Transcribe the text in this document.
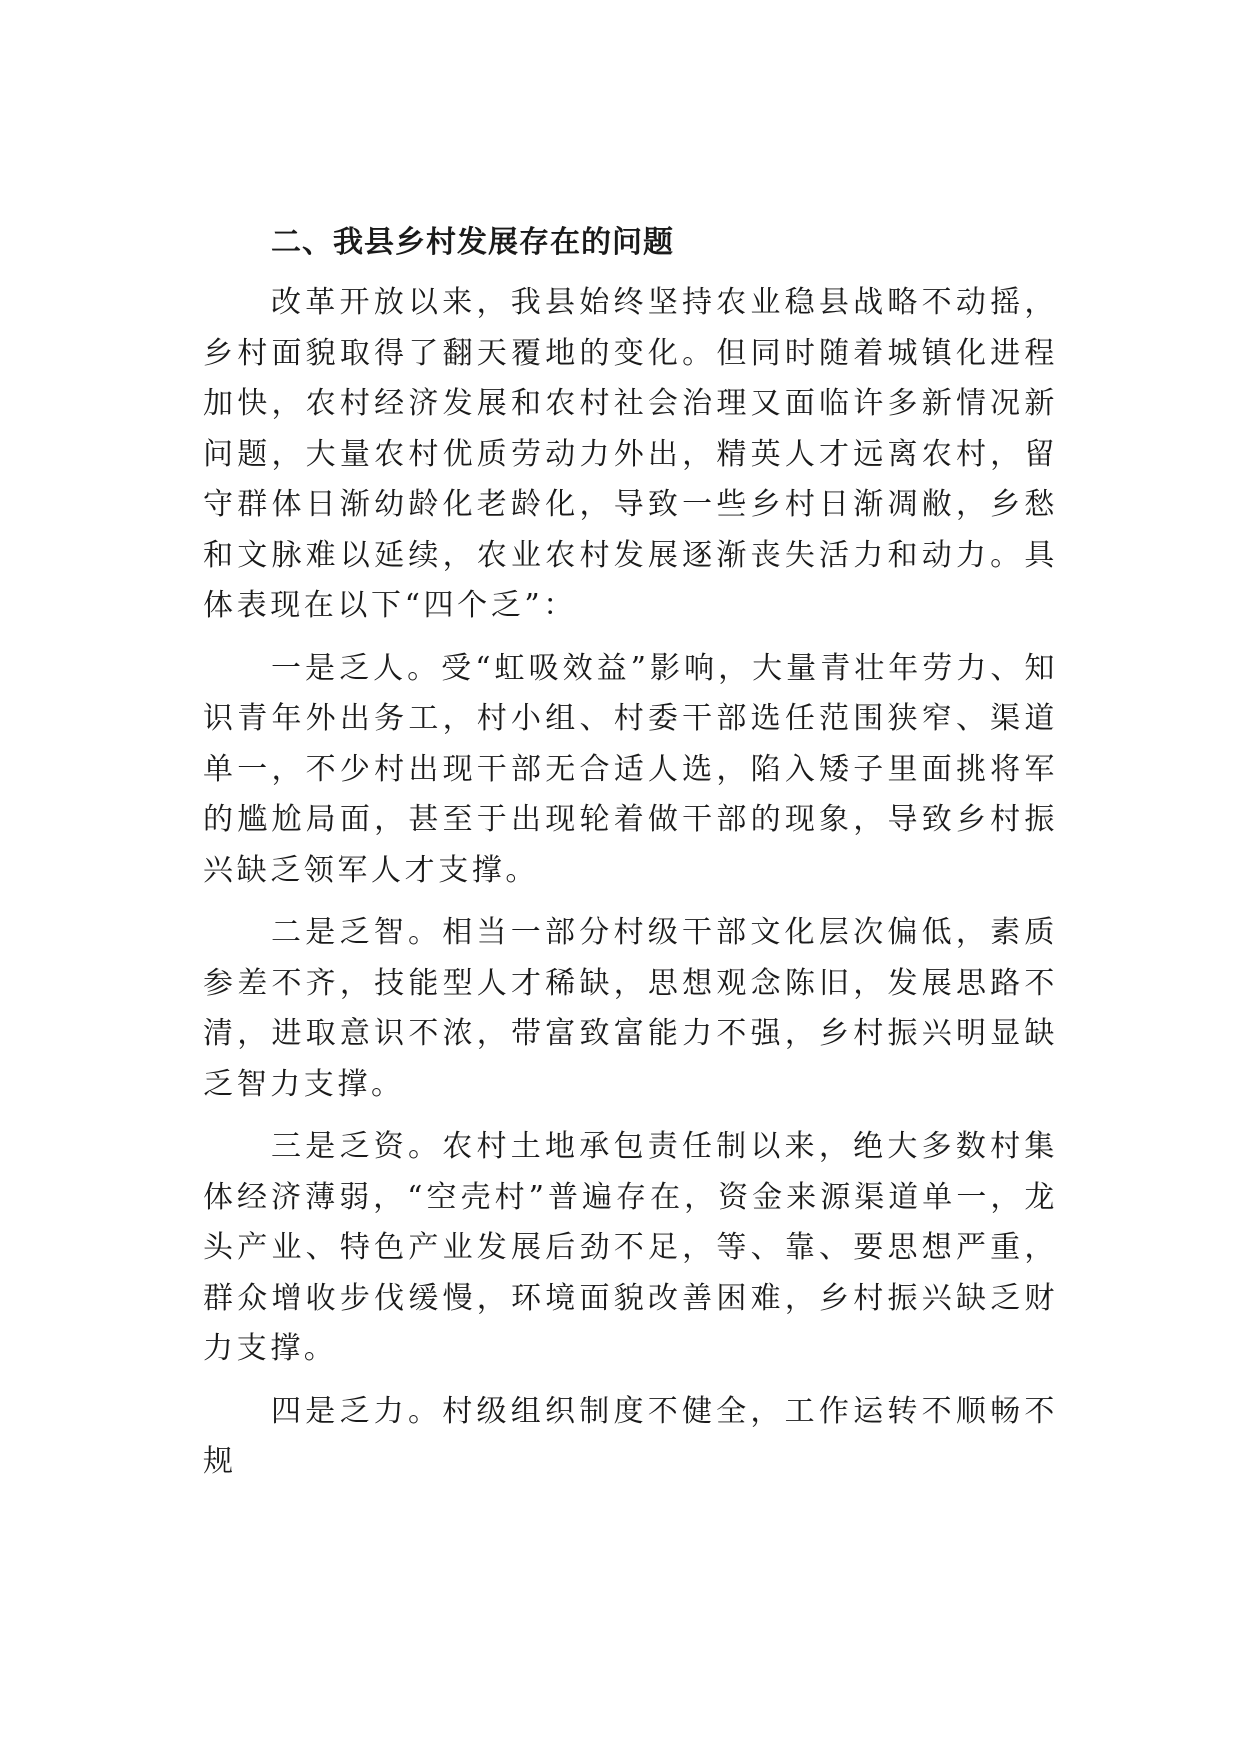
二、我县乡村发展存在的问题

改革开放以来，我县始终坚持农业稳县战略不动摇，乡村面貌取得了翻天覆地的变化。但同时随着城镇化进程加快，农村经济发展和农村社会治理又面临许多新情况新问题，大量农村优质劳动力外出，精英人才远离农村，留守群体日渐幼龄化老龄化，导致一些乡村日渐凋敝，乡愁和文脉难以延续，农业农村发展逐渐丧失活力和动力。具体表现在以下“四个乏”：

一是乏人。受“虹吸效益”影响，大量青壮年劳力、知识青年外出务工，村小组、村委干部选任范围狭窄、渠道单一，不少村出现干部无合适人选，陷入矮子里面挑将军的尴尬局面，甚至于出现轮着做干部的现象，导致乡村振兴缺乏领军人才支撑。

二是乏智。相当一部分村级干部文化层次偏低，素质参差不齐，技能型人才稀缺，思想观念陈旧，发展思路不清，进取意识不浓，带富致富能力不强，乡村振兴明显缺乏智力支撑。

三是乏资。农村土地承包责任制以来，绝大多数村集体经济薄弱，“空壳村”普遍存在，资金来源渠道单一，龙头产业、特色产业发展后劲不足，等、靠、要思想严重，群众增收步伐缓慢，环境面貌改善困难，乡村振兴缺乏财力支撑。

四是乏力。村级组织制度不健全，工作运转不顺畅不规
